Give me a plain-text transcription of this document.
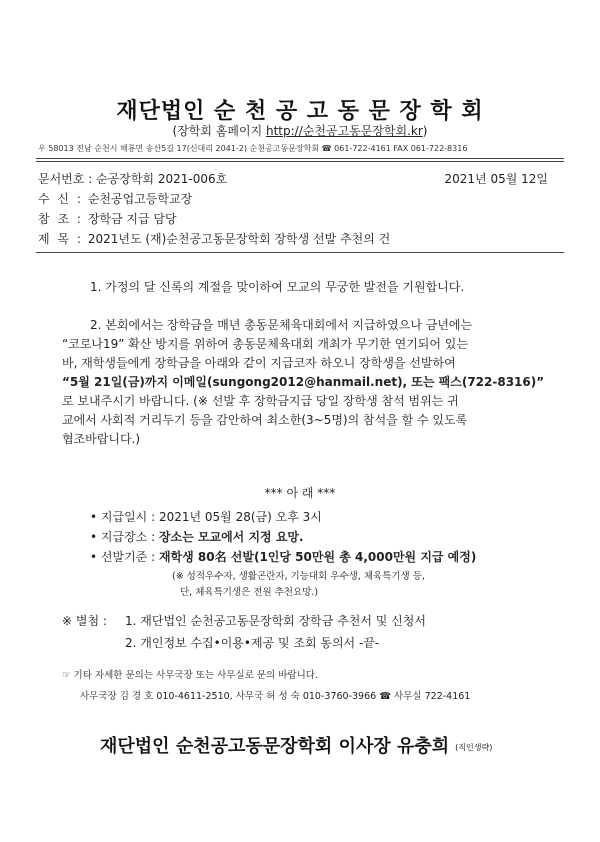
재단법인 순 천 공 고 동 문 장 학 회
(장학회 홈페이지 http://순천공고동문장학회.kr)
우 58013 전남 순천시 해룡면 송산5길 17(신대리 2041-2) 순천공고동문장학회 ☎ 061-722-4161 FAX 061-722-8316
문서번호 : 순공장학회 2021-006호	2021년 05월 12일
수 신 : 순천공업고등학교장
참 조 : 장학금 지급 담당
제 목 : 2021년도 (재)순천공고동문장학회 장학생 선발 추천의 건
1. 가정의 달 신록의 계절을 맞이하여 모교의 무궁한 발전을 기원합니다.
2. 본회에서는 장학금을 매년 총동문체육대회에서 지급하였으나 금년에는
“코로나19” 확산 방지를 위하여 총동문체육대회 개최가 무기한 연기되어 있는
바, 재학생들에게 장학금을 아래와 같이 지급코자 하오니 장학생을 선발하여
“5월 21일(금)까지 이메일(sungong2012@hanmail.net), 또는 팩스(722-8316)”
로 보내주시기 바랍니다. (※ 선발 후 장학금지급 당일 장학생 참석 범위는 귀
교에서 사회적 거리두기 등을 감안하여 최소한(3~5명)의 참석을 할 수 있도록
협조바랍니다.)
*** 아 래 ***
• 지급일시 : 2021년 05월 28(금) 오후 3시
• 지급장소 : 장소는 모교에서 지정 요망.
• 선발기준 : 재학생 80名 선발(1인당 50만원 총 4,000만원 지급 예정)
(※ 성적우수자, 생활곤란자, 기능대회 우수생, 체육특기생 등,
단, 체육특기생은 전원 추천요망.)
※ 별첨 : 1. 재단법인 순천공고동문장학회 장학금 추천서 및 신청서
2. 개인정보 수집•이용•제공 및 조회 동의서 -끝-
☞ 기타 자세한 문의는 사무국장 또는 사무실로 문의 바랍니다.
사무국장 김 경 호 010-4611-2510, 사무국 허 성 숙 010-3760-3966 ☎ 사무실 722-4161
재단법인 순천공고동문장학회 이사장 유충희 (직인생략)
